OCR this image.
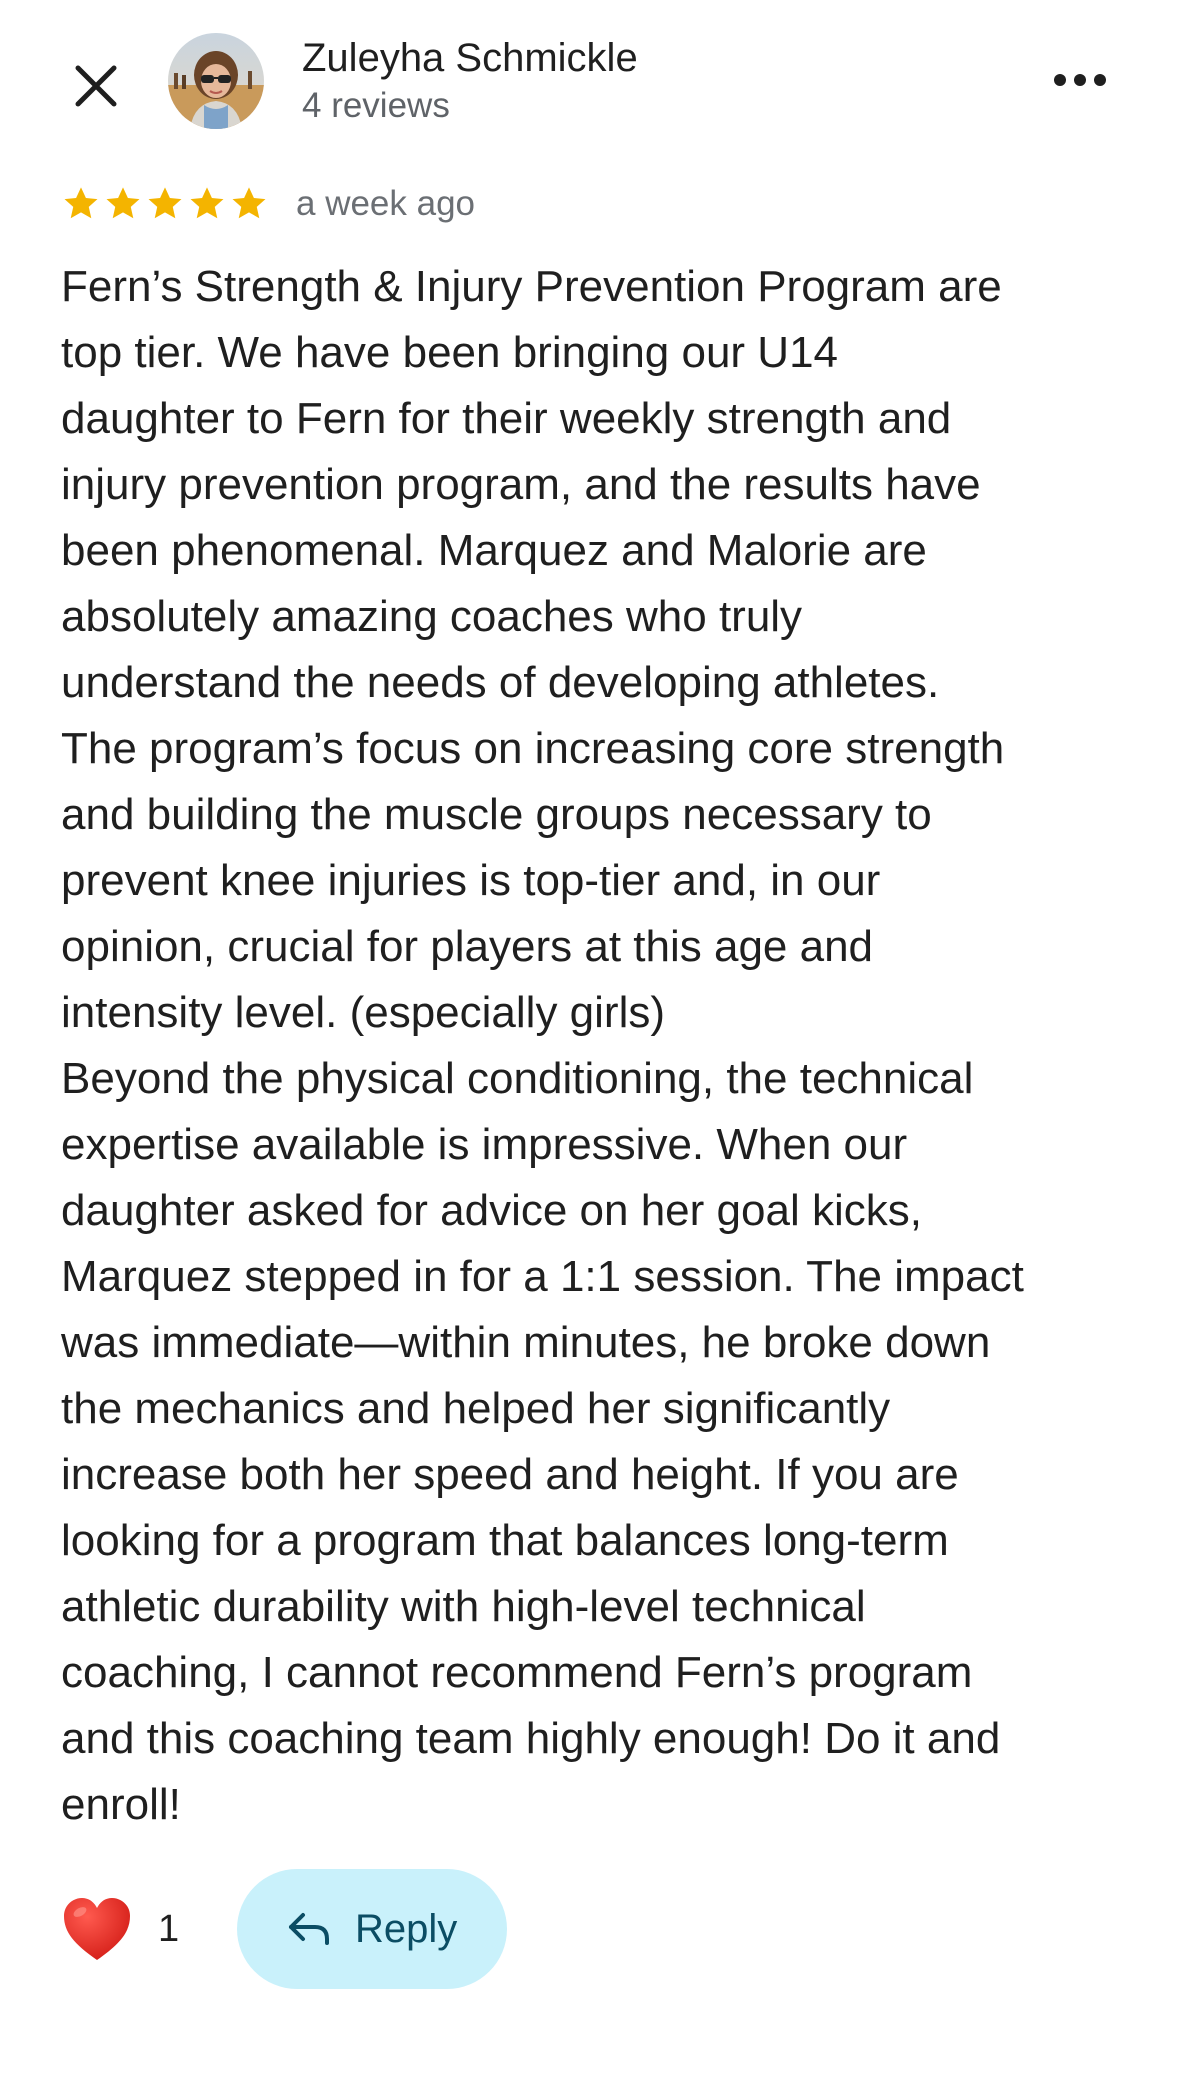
Zuleyha Schmickle
4 reviews
a week ago
Fern’s Strength & Injury Prevention Program are
top tier. We have been bringing our U14
daughter to Fern for their weekly strength and
injury prevention program, and the results have
been phenomenal. Marquez and Malorie are
absolutely amazing coaches who truly
understand the needs of developing athletes.
The program’s focus on increasing core strength
and building the muscle groups necessary to
prevent knee injuries is top-tier and, in our
opinion, crucial for players at this age and
intensity level. (especially girls)
Beyond the physical conditioning, the technical
expertise available is impressive. When our
daughter asked for advice on her goal kicks,
Marquez stepped in for a 1:1 session. The impact
was immediate—within minutes, he broke down
the mechanics and helped her significantly
increase both her speed and height. If you are
looking for a program that balances long-term
athletic durability with high-level technical
coaching, I cannot recommend Fern’s program
and this coaching team highly enough! Do it and
enroll!
1	Reply
